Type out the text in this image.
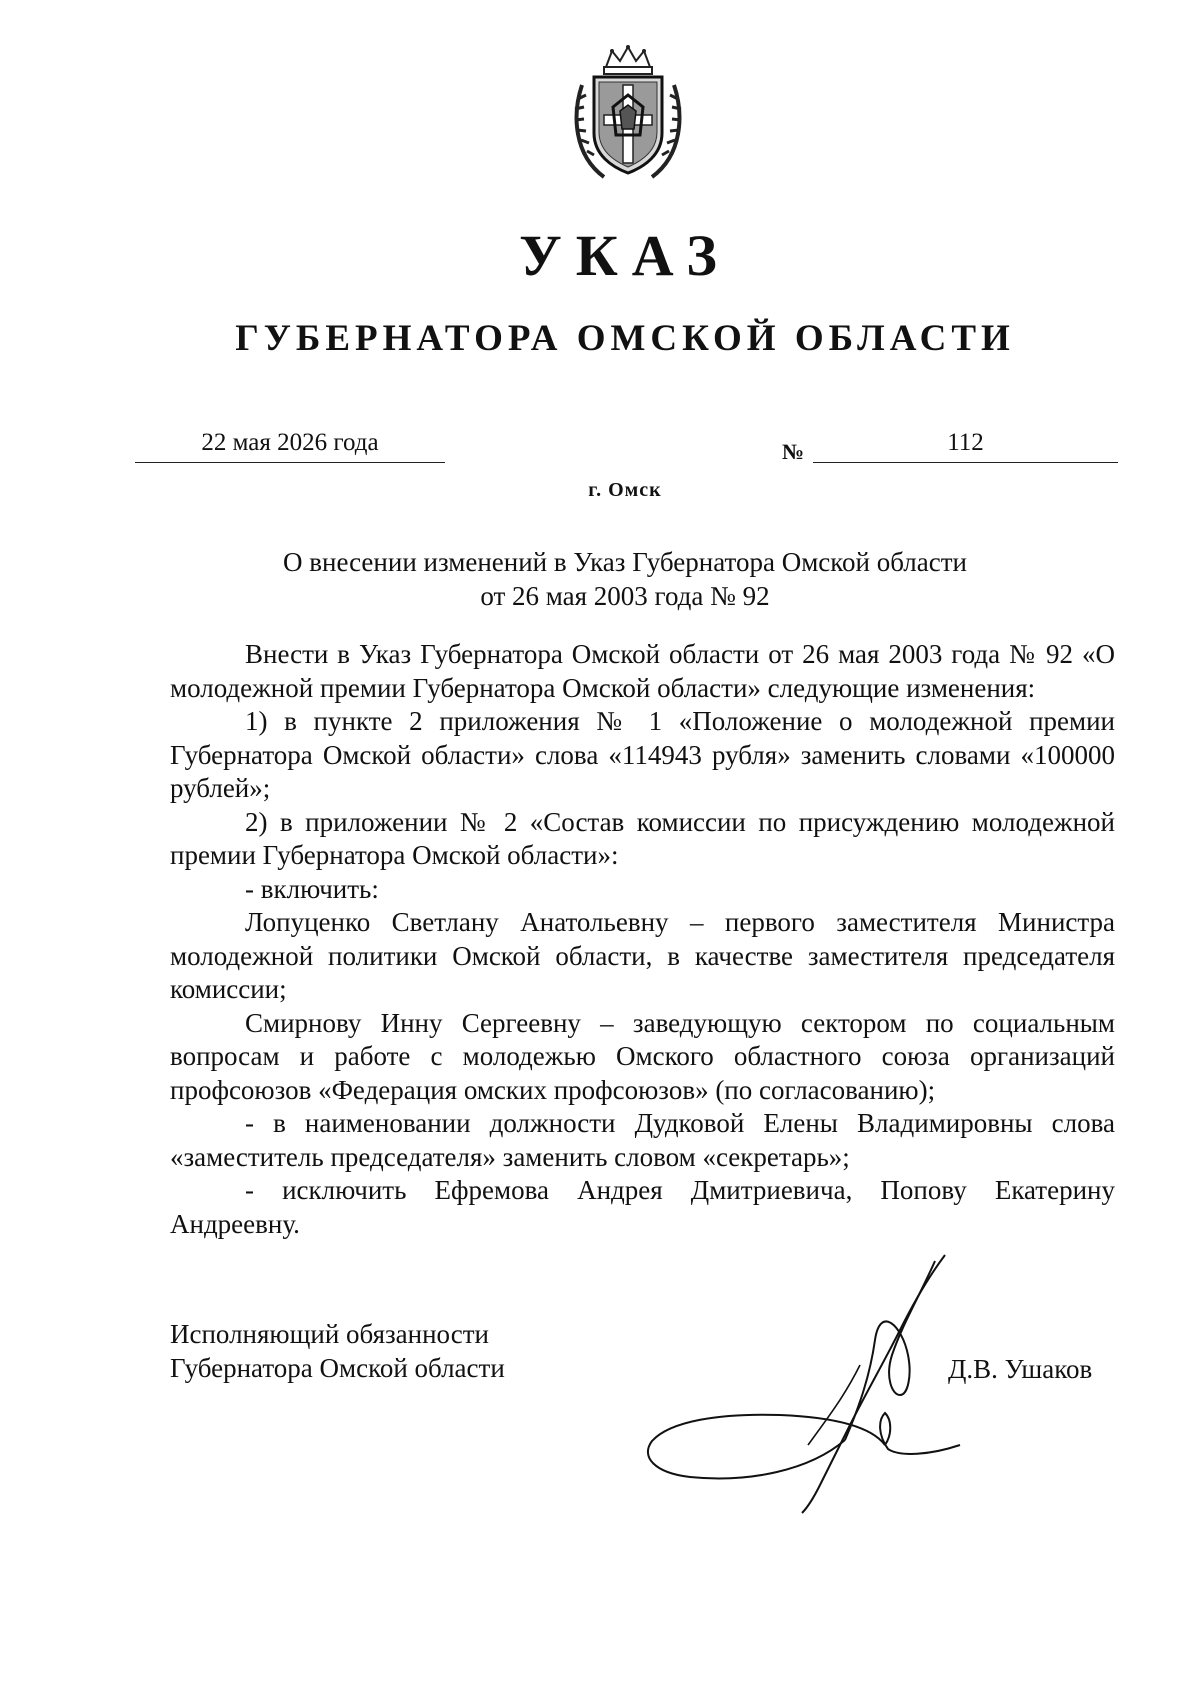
УКАЗ
ГУБЕРНАТОРА ОМСКОЙ ОБЛАСТИ
22 мая 2026 года	№	112
г. Омск
О внесении изменений в Указ Губернатора Омской области
от 26 мая 2003 года № 92

Внести в Указ Губернатора Омской области от 26 мая 2003 года № 92 «О молодежной премии Губернатора Омской области» следующие изменения:

1) в пункте 2 приложения № 1 «Положение о молодежной премии Губернатора Омской области» слова «114943 рубля» заменить словами «100000 рублей»;

2) в приложении № 2 «Состав комиссии по присуждению молодежной премии Губернатора Омской области»:

- включить:

Лопуценко Светлану Анатольевну – первого заместителя Министра молодежной политики Омской области, в качестве заместителя председателя комиссии;

Смирнову Инну Сергеевну – заведующую сектором по социальным вопросам и работе с молодежью Омского областного союза организаций профсоюзов «Федерация омских профсоюзов» (по согласованию);

- в наименовании должности Дудковой Елены Владимировны слова «заместитель председателя» заменить словом «секретарь»;

- исключить Ефремова Андрея Дмитриевича, Попову Екатерину Андреевну.

Исполняющий обязанности
Губернатора Омской области	Д.В. Ушаков
